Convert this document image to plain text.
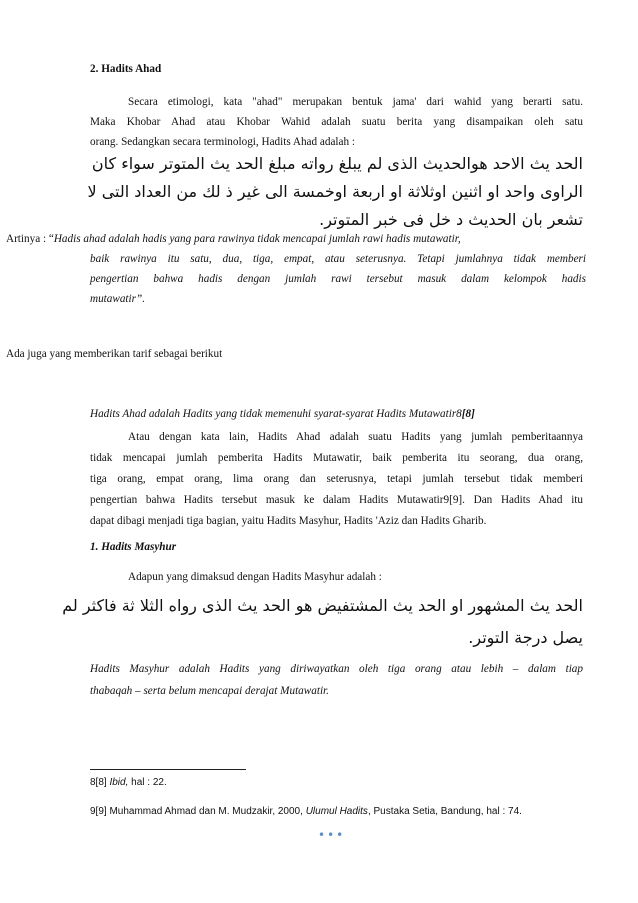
2. Hadits Ahad
Secara etimologi, kata "ahad" merupakan bentuk jama' dari wahid yang berarti satu.
Maka Khobar Ahad atau Khobar Wahid adalah suatu berita yang disampaikan oleh satu
orang. Sedangkan secara terminologi, Hadits Ahad adalah :
الحد يث الاحد هوالحديث الذى لم يبلغ رواته مبلغ الحد يث المتوتر سواء كان
الراوى واحد او اثنين اوثلاثة او اربعة اوخمسة الى غير ذ لك من العداد التى لا
تشعر بان الحديث د خل فى خبر المتوتر.
Artinya : “Hadis ahad adalah hadis yang para rawinya tidak mencapai jumlah rawi hadis mutawatir,
baik rawinya itu satu, dua, tiga, empat, atau seterusnya. Tetapi jumlahnya tidak memberi
pengertian bahwa hadis dengan jumlah rawi tersebut masuk dalam kelompok hadis
mutawatir”.
Ada juga yang memberikan tarif sebagai berikut
Hadits Ahad adalah Hadits yang tidak memenuhi syarat-syarat Hadits Mutawatir8[8]
Atau dengan kata lain, Hadits Ahad adalah suatu Hadits yang jumlah pemberitaannya
tidak mencapai jumlah pemberita Hadits Mutawatir, baik pemberita itu seorang, dua orang,
tiga orang, empat orang, lima orang dan seterusnya, tetapi jumlah tersebut tidak memberi
pengertian bahwa Hadits tersebut masuk ke dalam Hadits Mutawatir9[9]. Dan Hadits Ahad itu
dapat dibagi menjadi tiga bagian, yaitu Hadits Masyhur, Hadits 'Aziz dan Hadits Gharib.
1. Hadits Masyhur
Adapun yang dimaksud dengan Hadits Masyhur adalah :
الحد يث المشهور او الحد يث المشتفيض هو الحد يث الذى رواه الثلا ثة فاكثر لم
يصل درجة التوتر.
Hadits Masyhur adalah Hadits yang diriwayatkan oleh tiga orang atau lebih – dalam tiap
thabaqah – serta belum mencapai derajat Mutawatir.
8[8] Ibid, hal : 22.
9[9] Muhammad Ahmad dan M. Mudzakir, 2000, Ulumul Hadits, Pustaka Setia, Bandung, hal : 74.
•••
